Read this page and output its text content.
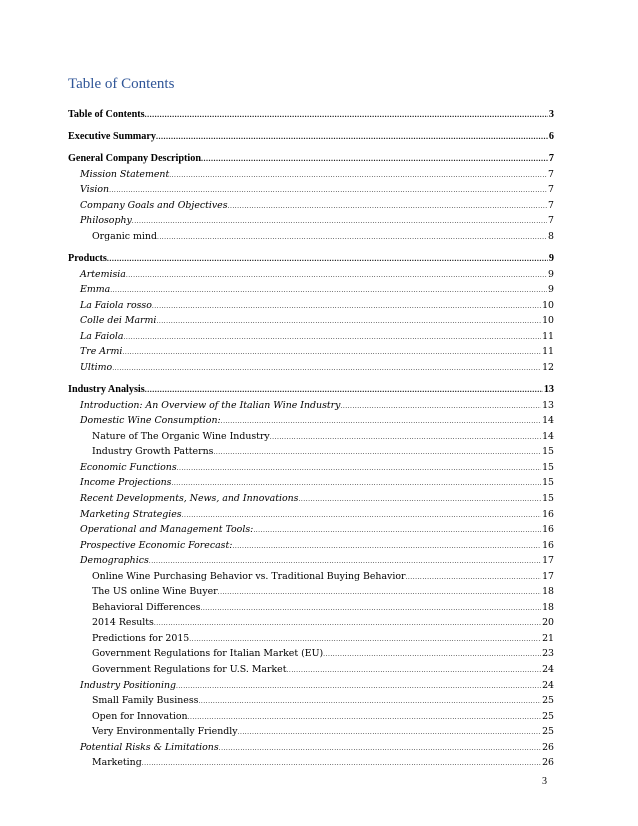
Table of Contents
Table of Contents .....	3
Executive Summary .....	6
General Company Description .....	7
Mission Statement .....	7
Vision .....	7
Company Goals and Objectives .....	7
Philosophy .....	7
Organic mind .....	8
Products .....	9
Artemisia .....	9
Emma .....	9
La Faiola rosso .....	10
Colle dei Marmi .....	10
La Faiola .....	11
Tre Armi .....	11
Ultimo .....	12
Industry Analysis .....	13
Introduction: An Overview of the Italian Wine Industry .....	13
Domestic Wine Consumption: .....	14
Nature of The Organic Wine Industry .....	14
Industry Growth Patterns .....	15
Economic Functions .....	15
Income Projections .....	15
Recent Developments, News, and Innovations .....	15
Marketing Strategies .....	16
Operational and Management Tools: .....	16
Prospective Economic Forecast: .....	16
Demographics .....	17
Online Wine Purchasing Behavior vs. Traditional Buying Behavior .....	17
The US online Wine Buyer .....	18
Behavioral Differences .....	18
2014 Results .....	20
Predictions for 2015 .....	21
Government Regulations for Italian Market (EU) .....	23
Government Regulations for U.S. Market .....	24
Industry Positioning .....	24
Small Family Business .....	25
Open for Innovation .....	25
Very Environmentally Friendly .....	25
Potential Risks & Limitations .....	26
Marketing .....	26
3
